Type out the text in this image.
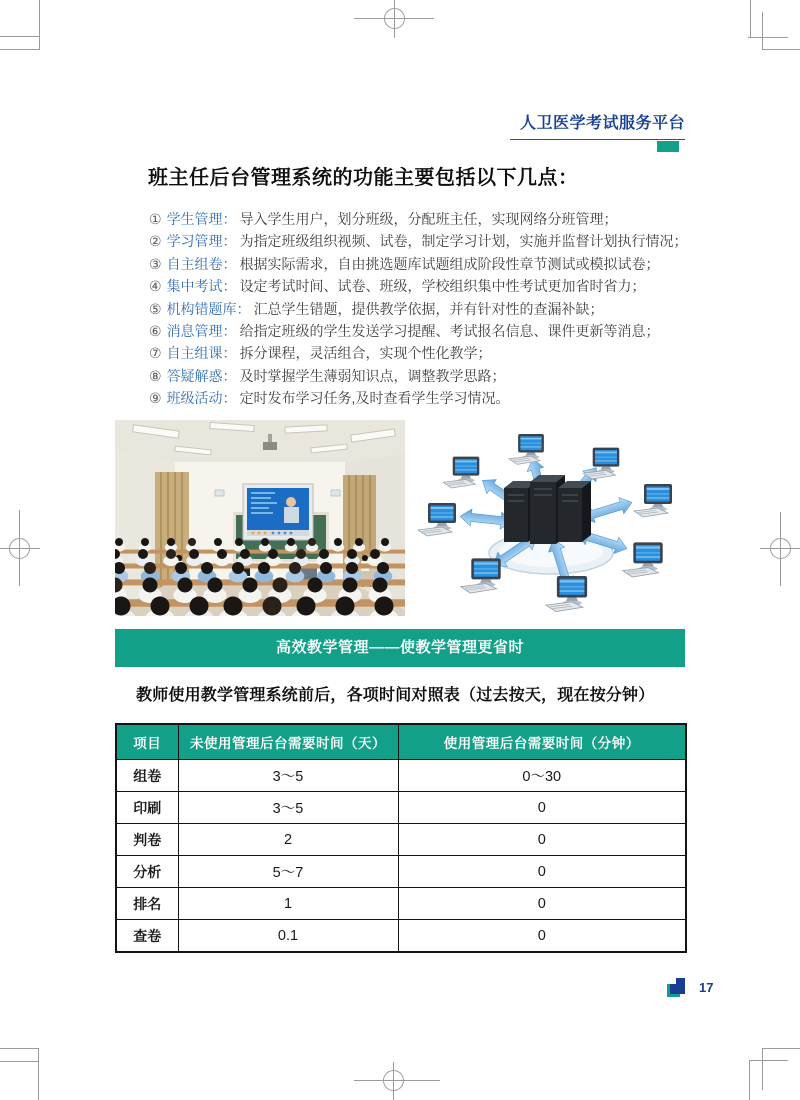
人卫医学考试服务平台
班主任后台管理系统的功能主要包括以下几点：
① 学生管理： 导入学生用户，划分班级，分配班主任，实现网络分班管理；
② 学习管理： 为指定班级组织视频、试卷，制定学习计划，实施并监督计划执行情况；
③ 自主组卷： 根据实际需求，自由挑选题库试题组成阶段性章节测试或模拟试卷；
④ 集中考试： 设定考试时间、试卷、班级，学校组织集中性考试更加省时省力；
⑤ 机构错题库： 汇总学生错题，提供教学依据，并有针对性的查漏补缺；
⑥ 消息管理： 给指定班级的学生发送学习提醒、考试报名信息、课件更新等消息；
⑦ 自主组课： 拆分课程，灵活组合，实现个性化教学；
⑧ 答疑解惑： 及时掌握学生薄弱知识点，调整教学思路；
⑨ 班级活动： 定时发布学习任务,及时查看学生学习情况。
高效教学管理——使教学管理更省时

教师使用教学管理系统前后，各项时间对照表（过去按天，现在按分钟）

项目	未使用管理后台需要时间（天）	使用管理后台需要时间（分钟）
组卷	3～5	0～30
印刷	3～5	0
判卷	2	0
分析	5～7	0
排名	1	0
查卷	0.1	0
17
